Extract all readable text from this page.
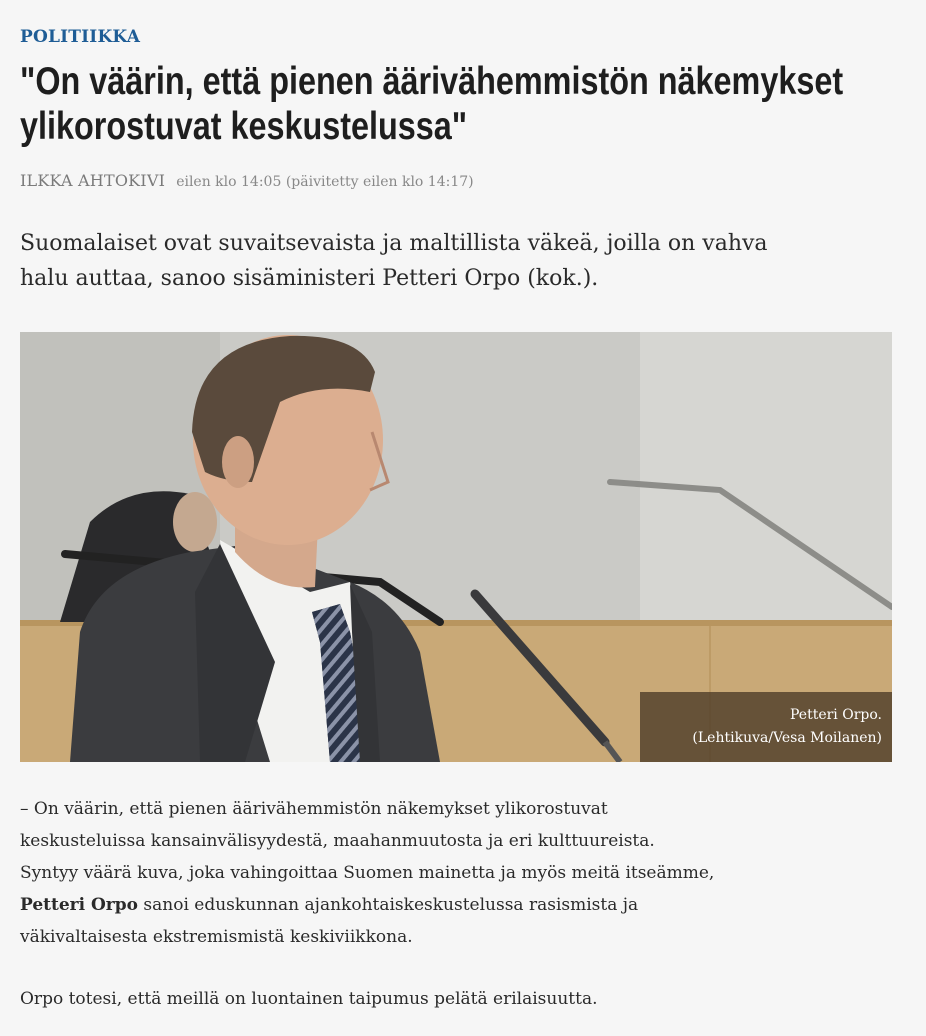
POLITIIKKA
"On väärin, että pienen äärivähemmistön näkemykset
ylikorostuvat keskustelussa"
ILKKA AHTOKIVI eilen klo 14:05 (päivitetty eilen klo 14:17)

Suomalaiset ovat suvaitsevaista ja maltillista väkeä, joilla on vahva
halu auttaa, sanoo sisäministeri Petteri Orpo (kok.).

Petteri Orpo.
(Lehtikuva/Vesa Moilanen)

– On väärin, että pienen äärivähemmistön näkemykset ylikorostuvat
keskusteluissa kansainvälisyydestä, maahanmuutosta ja eri kulttuureista.
Syntyy väärä kuva, joka vahingoittaa Suomen mainetta ja myös meitä itseämme,
Petteri Orpo sanoi eduskunnan ajankohtaiskeskustelussa rasismista ja
väkivaltaisesta ekstremismistä keskiviikkona.

Orpo totesi, että meillä on luontainen taipumus pelätä erilaisuutta.
